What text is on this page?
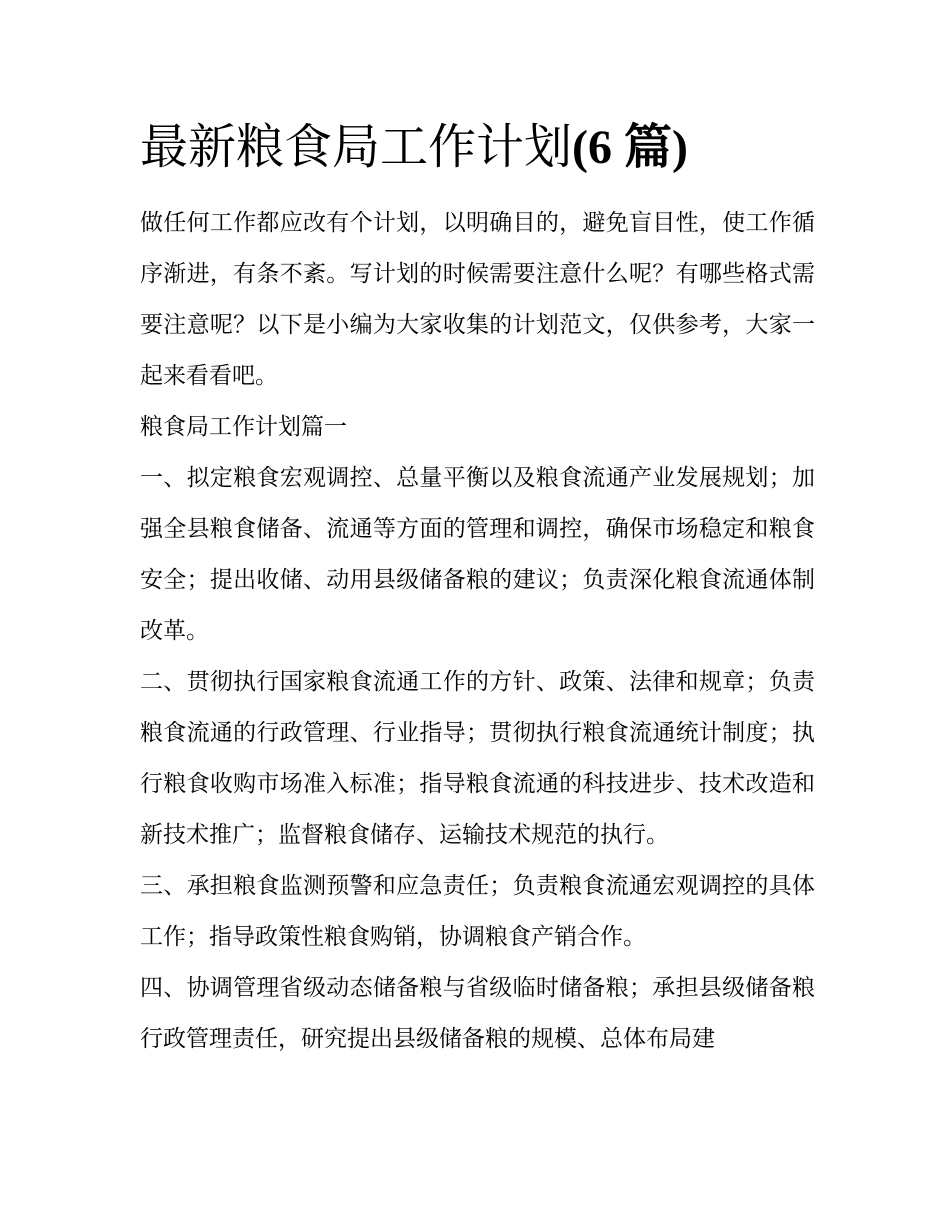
最新粮食局工作计划(6 篇)

做任何工作都应改有个计划，以明确目的，避免盲目性，使工作循序渐进，有条不紊。写计划的时候需要注意什么呢？有哪些格式需要注意呢？以下是小编为大家收集的计划范文，仅供参考，大家一起来看看吧。

粮食局工作计划篇一

一、拟定粮食宏观调控、总量平衡以及粮食流通产业发展规划；加强全县粮食储备、流通等方面的管理和调控，确保市场稳定和粮食安全；提出收储、动用县级储备粮的建议；负责深化粮食流通体制改革。

二、贯彻执行国家粮食流通工作的方针、政策、法律和规章；负责粮食流通的行政管理、行业指导；贯彻执行粮食流通统计制度；执行粮食收购市场准入标准；指导粮食流通的科技进步、技术改造和新技术推广；监督粮食储存、运输技术规范的执行。

三、承担粮食监测预警和应急责任；负责粮食流通宏观调控的具体工作；指导政策性粮食购销，协调粮食产销合作。

四、协调管理省级动态储备粮与省级临时储备粮；承担县级储备粮行政管理责任，研究提出县级储备粮的规模、总体布局建
